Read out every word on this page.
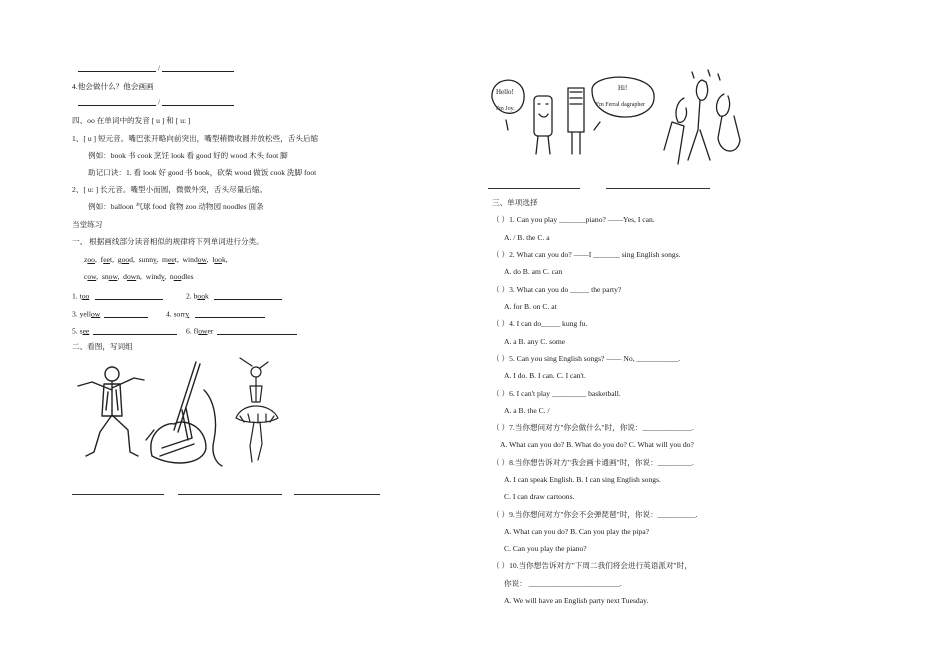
/
4.他会做什么？他会画画
/
四、oo 在单词中的发音 [ u ] 和 [ u: ]
1、[ u ] 短元音。嘴巴张开略向前突出，嘴型稍微收圆并放松些，舌头后缩
例如：book 书 cook 烹饪 look 看 good 好的 wood 木头 foot 脚
助记口诀：1. 看 look 好 good 书 book，砍柴 wood 做饭 cook 洗脚 foot
2、[ u: ] 长元音。嘴型小而圆，微微外突，舌头尽量后缩。
例如：balloon 气球 food 食物 zoo 动物园 noodles 面条
当堂练习
一、 根据画线部分读音相似的规律将下列单词进行分类。
zoo,  feet,  good,  sunny,  meet,  window,  look,
cow,  snow,  down,  windy,  noodles
1. too	2. book
3. yellow	4. sorry
5. see	6. flower
二、看图，写词组
Hello!
I'm Joy.
Hi!
I'm Ferral dagrapher
三、单项选择
（ ）1. Can you play _______piano? ——Yes, I can.
A. / B. the C. a
（ ）2. What can you do? ——I _______ sing English songs.
A. do B. am C. can
（ ）3. What can you do _____ the party?
A. for B. on C. at
（ ）4. I can do_____ kung fu.
A. a B. any C. some
（ ）5. Can you sing English songs? —— No, ___________.
A. I do. B. I can. C. I can't.
（ ）6. I can't play _________ basketball.
A. a B. the C. /
（ ）7.当你想问对方"你会做什么"时，你说：_____________.
A. What can you do? B. What do you do? C. What will you do?
（ ）8.当你想告诉对方"我会画卡通画"时，你说：_________.
A. I can speak English. B. I can sing English songs.
C. I can draw cartoons.
（ ）9.当你想问对方"你会不会弹琵琶"时，你说：__________.
A. What can you do? B. Can you play the pipa?
C. Can you play the piano?
（ ）10.当你想告诉对方"下周二我们将会进行英语派对"时，
你说： ________________________.
A. We will have an English party next Tuesday.
